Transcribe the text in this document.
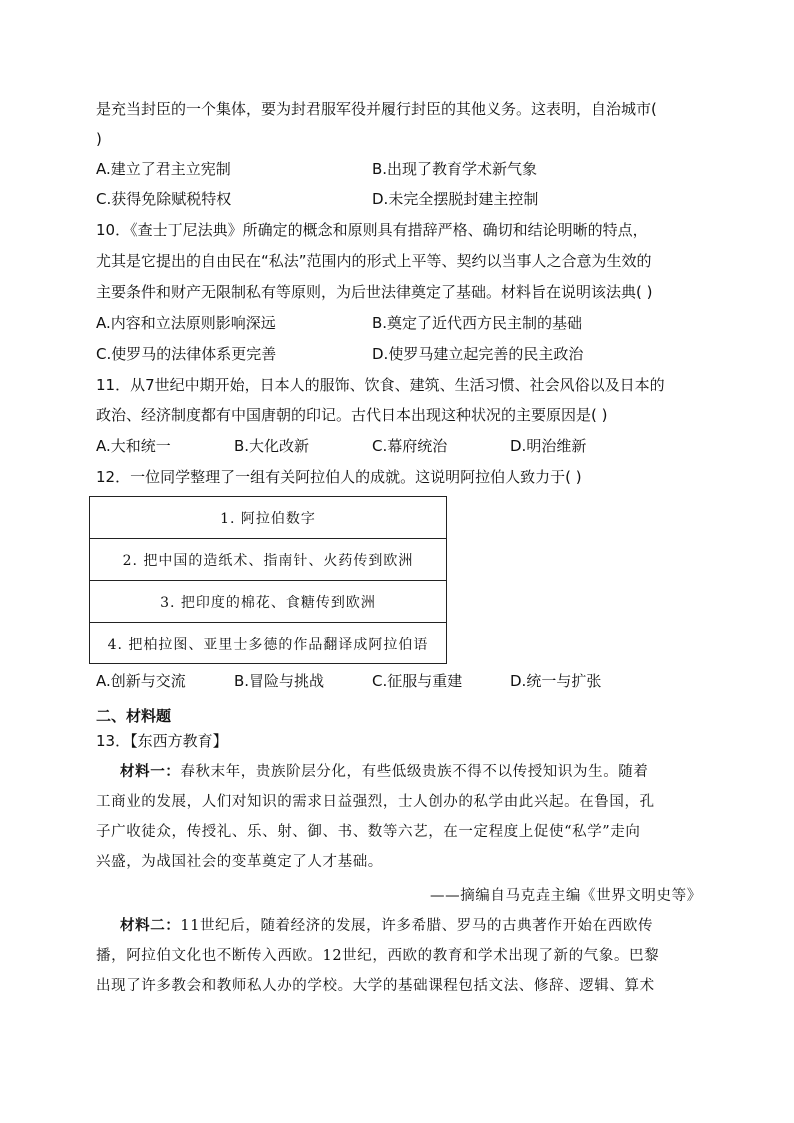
是充当封臣的一个集体，要为封君服军役并履行封臣的其他义务。这表明，自治城市(
)
A.建立了君主立宪制	B.出现了教育学术新气象
C.获得免除赋税特权	D.未完全摆脱封建主控制
10．《查士丁尼法典》所确定的概念和原则具有措辞严格、确切和结论明晰的特点，
尤其是它提出的自由民在“私法”范围内的形式上平等、契约以当事人之合意为生效的
主要条件和财产无限制私有等原则，为后世法律奠定了基础。材料旨在说明该法典( )
A.内容和立法原则影响深远	B.奠定了近代西方民主制的基础
C.使罗马的法律体系更完善	D.使罗马建立起完善的民主政治
11．从7世纪中期开始，日本人的服饰、饮食、建筑、生活习惯、社会风俗以及日本的
政治、经济制度都有中国唐朝的印记。古代日本出现这种状况的主要原因是( )
A.大和统一	B.大化改新	C.幕府统治	D.明治维新
12．一位同学整理了一组有关阿拉伯人的成就。这说明阿拉伯人致力于( )
1. 阿拉伯数字
2. 把中国的造纸术、指南针、火药传到欧洲
3. 把印度的棉花、食糖传到欧洲
4. 把柏拉图、亚里士多德的作品翻译成阿拉伯语
A.创新与交流	B.冒险与挑战	C.征服与重建	D.统一与扩张
二、材料题
13．【东西方教育】
材料一：春秋末年，贵族阶层分化，有些低级贵族不得不以传授知识为生。随着
工商业的发展，人们对知识的需求日益强烈，士人创办的私学由此兴起。在鲁国，孔
子广收徒众，传授礼、乐、射、御、书、数等六艺，在一定程度上促使“私学”走向
兴盛，为战国社会的变革奠定了人才基础。
——摘编自马克垚主编《世界文明史等》
材料二：11世纪后，随着经济的发展，许多希腊、罗马的古典著作开始在西欧传
播，阿拉伯文化也不断传入西欧。12世纪，西欧的教育和学术出现了新的气象。巴黎
出现了许多教会和教师私人办的学校。大学的基础课程包括文法、修辞、逻辑、算术
